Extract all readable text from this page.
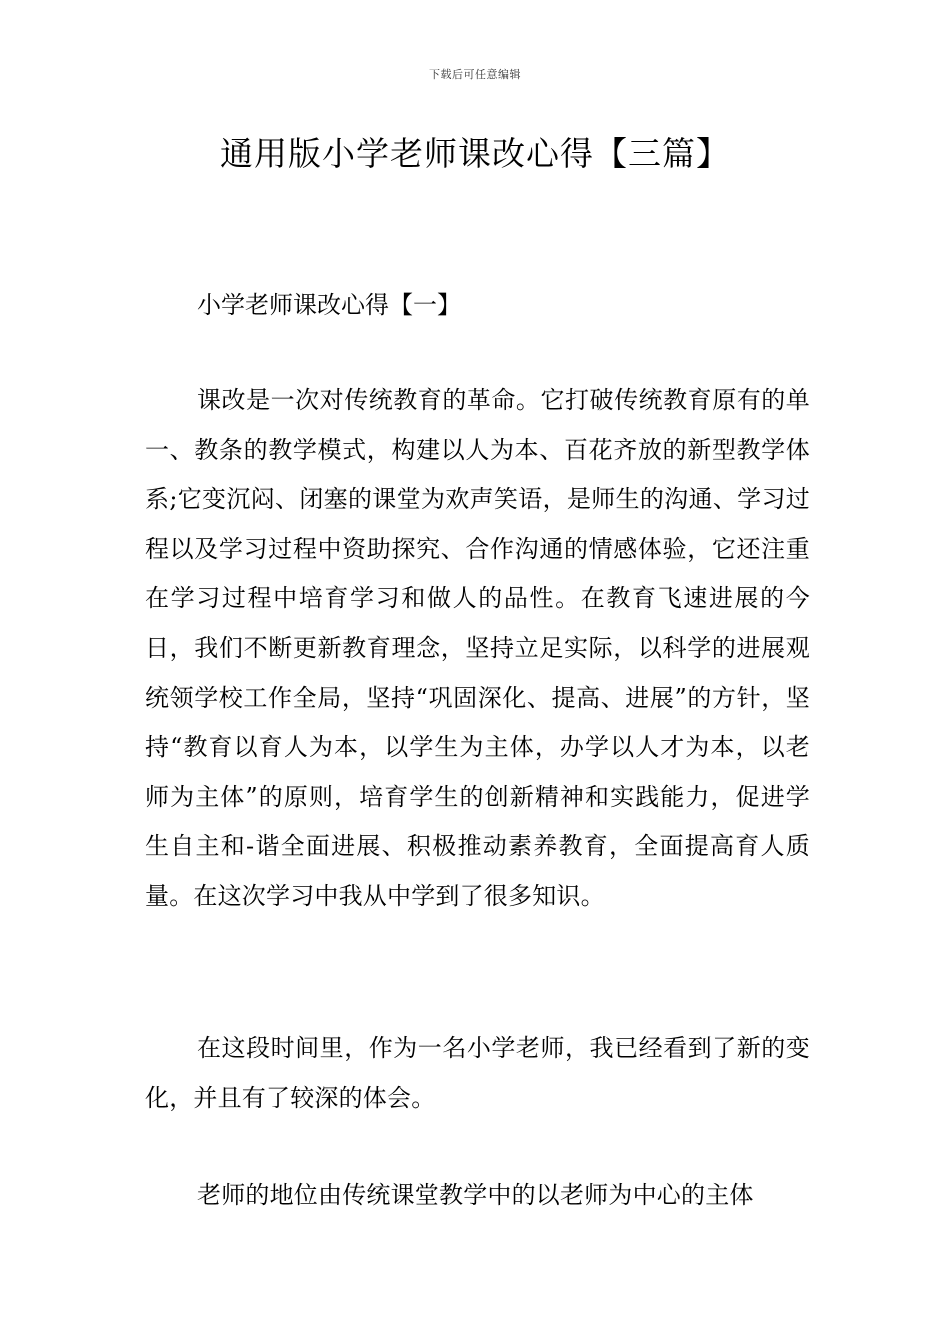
下载后可任意编辑
通用版小学老师课改心得【三篇】
小学老师课改心得【一】

课改是一次对传统教育的革命。它打破传统教育原有的单一、教条的教学模式，构建以人为本、百花齐放的新型教学体系;它变沉闷、闭塞的课堂为欢声笑语，是师生的沟通、学习过程以及学习过程中资助探究、合作沟通的情感体验，它还注重在学习过程中培育学习和做人的品性。在教育飞速进展的今日，我们不断更新教育理念，坚持立足实际，以科学的进展观统领学校工作全局，坚持“巩固深化、提高、进展”的方针，坚持“教育以育人为本，以学生为主体，办学以人才为本，以老师为主体”的原则，培育学生的创新精神和实践能力，促进学生自主和-谐全面进展、积极推动素养教育，全面提高育人质量。在这次学习中我从中学到了很多知识。

在这段时间里，作为一名小学老师，我已经看到了新的变化，并且有了较深的体会。

老师的地位由传统课堂教学中的以老师为中心的主体
